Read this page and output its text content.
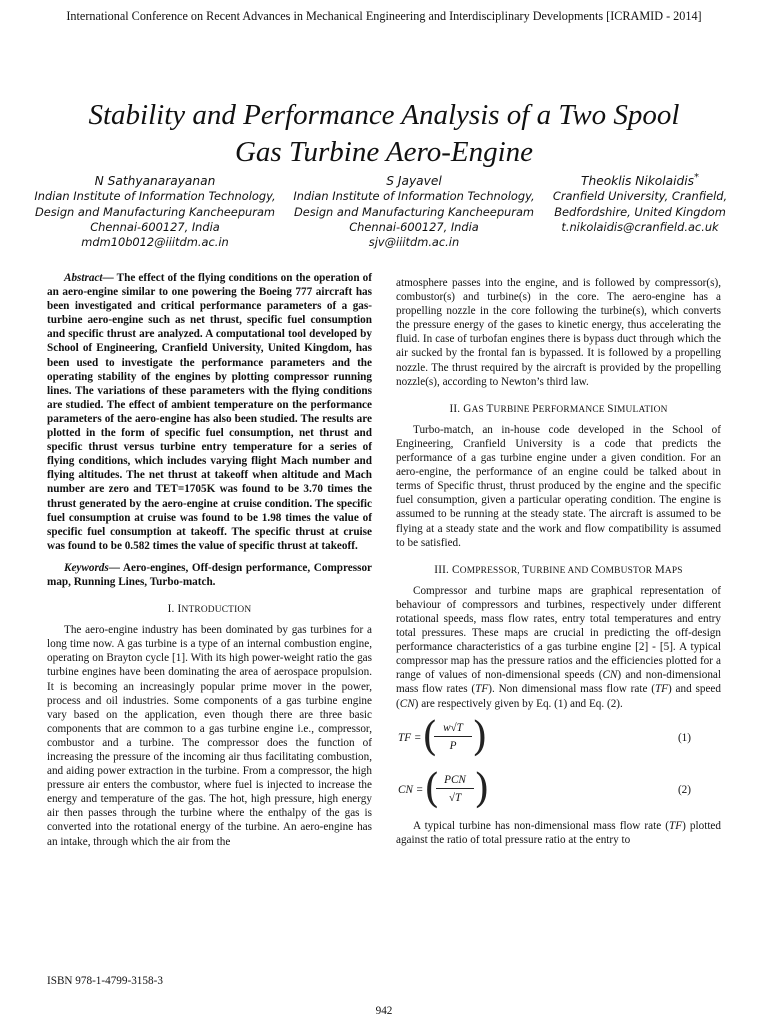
International Conference on Recent Advances in Mechanical Engineering and Interdisciplinary Developments [ICRAMID - 2014]
Stability and Performance Analysis of a Two Spool
Gas Turbine Aero-Engine
N Sathyanarayanan
Indian Institute of Information Technology,
Design and Manufacturing Kancheepuram
Chennai-600127, India
mdm10b012@iiitdm.ac.in
S Jayavel
Indian Institute of Information Technology,
Design and Manufacturing Kancheepuram
Chennai-600127, India
sjv@iiitdm.ac.in
Theoklis Nikolaidis*
Cranfield University, Cranfield,
Bedfordshire, United Kingdom
t.nikolaidis@cranfield.ac.uk

Abstract— The effect of the flying conditions on the operation of an aero-engine similar to one powering the Boeing 777 aircraft has been investigated and critical performance parameters of a gas-turbine aero-engine such as net thrust, specific fuel consumption and specific thrust are analyzed. A computational tool developed by School of Engineering, Cranfield University, United Kingdom, has been used to investigate the performance parameters and the operating stability of the engines by plotting compressor running lines. The variations of these parameters with the flying conditions are studied. The effect of ambient temperature on the performance parameters of the aero-engine has also been studied. The results are plotted in the form of specific fuel consumption, net thrust and specific thrust versus turbine entry temperature for a series of flying conditions, which includes varying flight Mach number and flying altitudes. The net thrust at takeoff when altitude and Mach number are zero and TET=1705K was found to be 3.70 times the thrust generated by the aero-engine at cruise condition. The specific fuel consumption at cruise was found to be 1.98 times the value of specific fuel consumption at takeoff. The specific thrust at cruise was found to be 0.582 times the value of specific thrust at takeoff.

Keywords— Aero-engines, Off-design performance, Compressor map, Running Lines, Turbo-match.

I. INTRODUCTION

The aero-engine industry has been dominated by gas turbines for a long time now. A gas turbine is a type of an internal combustion engine, operating on Brayton cycle [1]. With its high power-weight ratio the gas turbine engines have been dominating the area of aerospace propulsion. It is becoming an increasingly popular prime mover in the power, process and oil industries. Some components of a gas turbine engine vary based on the application, even though there are three basic components that are common to a gas turbine engine i.e., compressor, combustor and a turbine. The compressor does the function of increasing the pressure of the incoming air thus facilitating combustion, and aiding power extraction in the turbine. From a compressor, the high pressure air enters the combustor, where fuel is injected to increase the energy and temperature of the gas. The hot, high pressure, high energy air then passes through the turbine where the enthalpy of the gas is converted into the rotational energy of the turbine. An aero-engine has an intake, through which the air from the

atmosphere passes into the engine, and is followed by compressor(s), combustor(s) and turbine(s) in the core. The aero-engine has a propelling nozzle in the core following the turbine(s), which converts the pressure energy of the gases to kinetic energy, thus accelerating the fluid. In case of turbofan engines there is bypass duct through which the air sucked by the frontal fan is bypassed. It is followed by a propelling nozzle. The thrust required by the aircraft is provided by the propelling nozzle(s), according to Newton’s third law.

II. GAS TURBINE PERFORMANCE SIMULATION

Turbo-match, an in-house code developed in the School of Engineering, Cranfield University is a code that predicts the performance of a gas turbine engine under a given condition. For an aero-engine, the performance of an engine could be talked about in terms of Specific thrust, thrust produced by the engine and the specific fuel consumption, given a particular operating condition. The engine is assumed to be running at the steady state. The aircraft is assumed to be flying at a steady state and the work and flow compatibility is assumed to be satisfied.

III. COMPRESSOR, TURBINE AND COMBUSTOR MAPS

Compressor and turbine maps are graphical representation of behaviour of compressors and turbines, respectively under different rotational speeds, mass flow rates, entry total temperatures and entry total pressures. These maps are crucial in predicting the off-design performance characteristics of a gas turbine engine [2] - [5]. A typical compressor map has the pressure ratios and the efficiencies plotted for a range of values of non-dimensional speeds (CN) and non-dimensional mass flow rates (TF). Non dimensional mass flow rate (TF) and speed (CN) are respectively given by Eq. (1) and Eq. (2).

TF = (
$\frac{w√T}{P}$ )	(1)
CN = ( PCN
√T )	(2)

A typical turbine has non-dimensional mass flow rate (TF) plotted against the ratio of total pressure ratio at the entry to

ISBN 978-1-4799-3158-3
942
